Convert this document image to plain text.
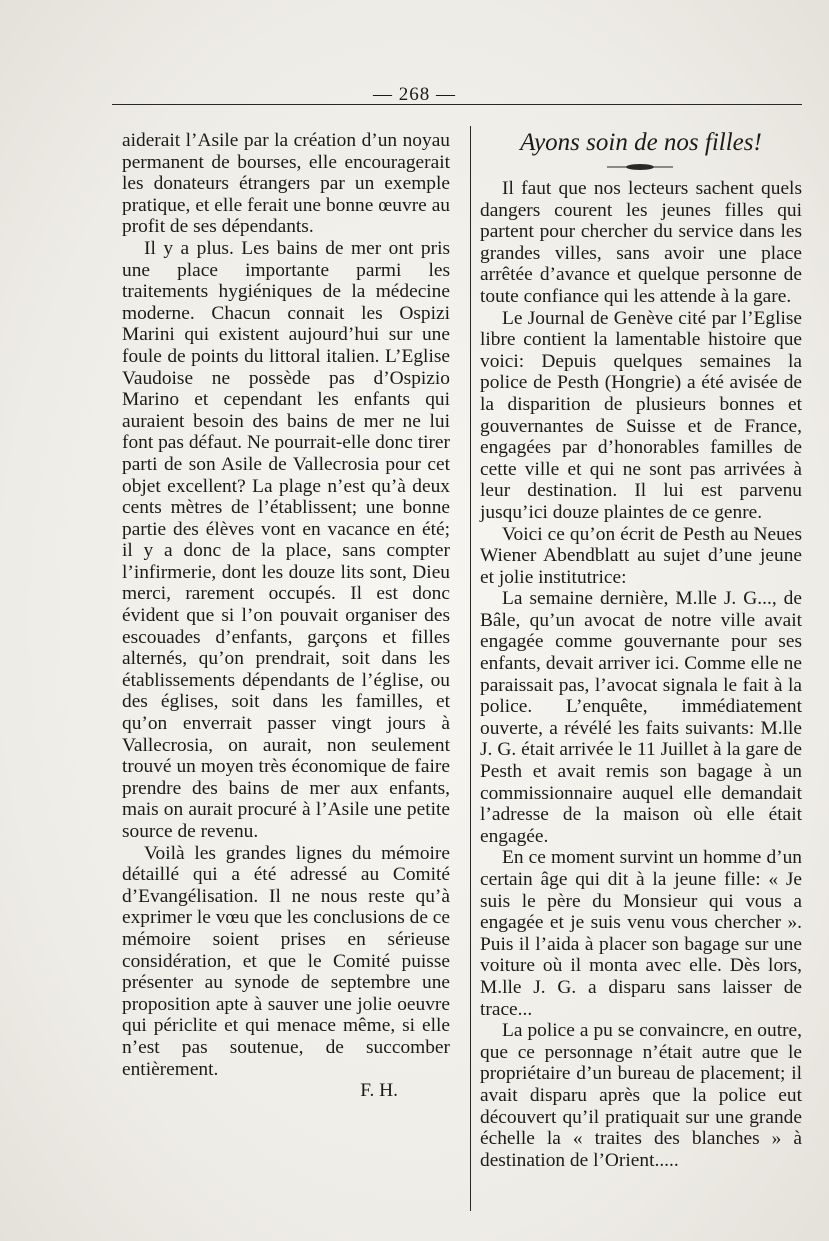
— 268 —

aiderait l’Asile par la création d’un noyau permanent de bourses, elle encouragerait les donateurs étrangers par un exemple pratique, et elle ferait une bonne œuvre au profit de ses dépendants.

Il y a plus. Les bains de mer ont pris une place importante parmi les traitements hygiéniques de la médecine moderne. Chacun connait les Ospizi Marini qui existent aujourd’hui sur une foule de points du littoral italien. L’Eglise Vaudoise ne possède pas d’Ospizio Marino et cependant les enfants qui auraient besoin des bains de mer ne lui font pas défaut. Ne pourrait-elle donc tirer parti de son Asile de Vallecrosia pour cet objet excellent? La plage n’est qu’à deux cents mètres de l’établissent; une bonne partie des élèves vont en vacance en été; il y a donc de la place, sans compter l’infirmerie, dont les douze lits sont, Dieu merci, rarement occupés. Il est donc évident que si l’on pouvait organiser des escouades d’enfants, garçons et filles alternés, qu’on prendrait, soit dans les établissements dépendants de l’église, ou des églises, soit dans les familles, et qu’on enverrait passer vingt jours à Vallecrosia, on aurait, non seulement trouvé un moyen très économique de faire prendre des bains de mer aux enfants, mais on aurait procuré à l’Asile une petite source de revenu.

Voilà les grandes lignes du mémoire détaillé qui a été adressé au Comité d’Evangélisation. Il ne nous reste qu’à exprimer le vœu que les conclusions de ce mémoire soient prises en sérieuse considération, et que le Comité puisse présenter au synode de septembre une proposition apte à sauver une jolie oeuvre qui périclite et qui menace même, si elle n’est pas soutenue, de succomber entièrement.

F. H.

Ayons soin de nos filles!

Il faut que nos lecteurs sachent quels dangers courent les jeunes filles qui partent pour chercher du service dans les grandes villes, sans avoir une place arrêtée d’avance et quelque personne de toute confiance qui les attende à la gare.

Le Journal de Genève cité par l’Eglise libre contient la lamentable histoire que voici: Depuis quelques semaines la police de Pesth (Hongrie) a été avisée de la disparition de plusieurs bonnes et gouvernantes de Suisse et de France, engagées par d’honorables familles de cette ville et qui ne sont pas arrivées à leur destination. Il lui est parvenu jusqu’ici douze plaintes de ce genre.

Voici ce qu’on écrit de Pesth au Neues Wiener Abendblatt au sujet d’une jeune et jolie institutrice:

La semaine dernière, M.lle J. G..., de Bâle, qu’un avocat de notre ville avait engagée comme gouvernante pour ses enfants, devait arriver ici. Comme elle ne paraissait pas, l’avocat signala le fait à la police. L’enquête, immédiatement ouverte, a révélé les faits suivants: M.lle J. G. était arrivée le 11 Juillet à la gare de Pesth et avait remis son bagage à un commissionnaire auquel elle demandait l’adresse de la maison où elle était engagée.

En ce moment survint un homme d’un certain âge qui dit à la jeune fille: « Je suis le père du Monsieur qui vous a engagée et je suis venu vous chercher ». Puis il l’aida à placer son bagage sur une voiture où il monta avec elle. Dès lors, M.lle J. G. a disparu sans laisser de trace...

La police a pu se convaincre, en outre, que ce personnage n’était autre que le propriétaire d’un bureau de placement; il avait disparu après que la police eut découvert qu’il pratiquait sur une grande échelle la « traites des blanches » à destination de l’Orient.....
